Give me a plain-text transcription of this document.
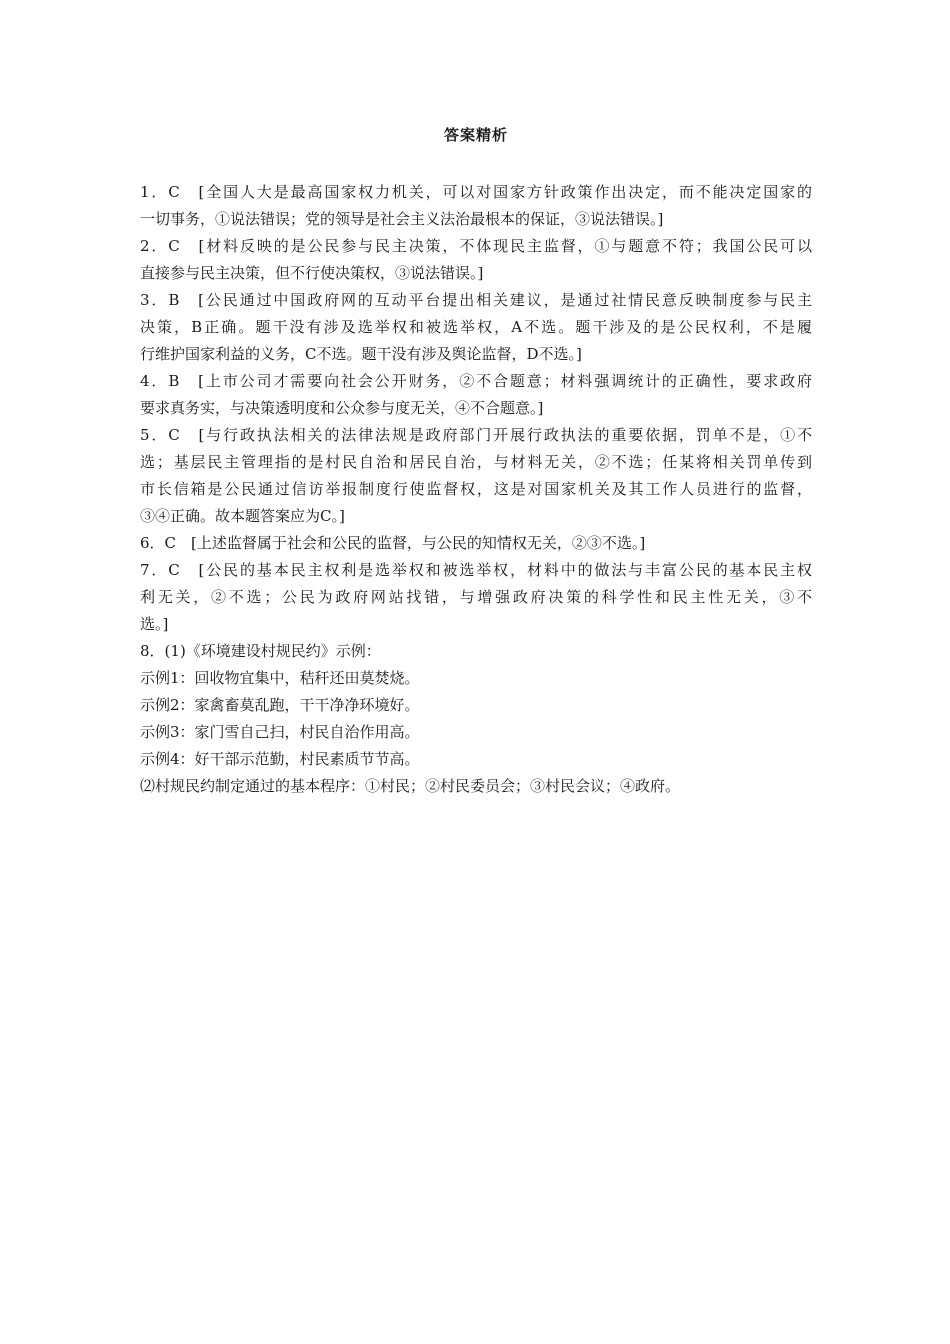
答案精析

1．C　[全国人大是最高国家权力机关，可以对国家方针政策作出决定，而不能决定国家的

一切事务，①说法错误；党的领导是社会主义法治最根本的保证，③说法错误。]

2．C　[材料反映的是公民参与民主决策，不体现民主监督，①与题意不符；我国公民可以

直接参与民主决策，但不行使决策权，③说法错误。]

3．B　[公民通过中国政府网的互动平台提出相关建议，是通过社情民意反映制度参与民主

决策，B正确。题干没有涉及选举权和被选举权，A不选。题干涉及的是公民权利，不是履

行维护国家利益的义务，C不选。题干没有涉及舆论监督，D不选。]

4．B　[上市公司才需要向社会公开财务，②不合题意；材料强调统计的正确性，要求政府

要求真务实，与决策透明度和公众参与度无关，④不合题意。]

5．C　[与行政执法相关的法律法规是政府部门开展行政执法的重要依据，罚单不是，①不

选；基层民主管理指的是村民自治和居民自治，与材料无关，②不选；任某将相关罚单传到

市长信箱是公民通过信访举报制度行使监督权，这是对国家机关及其工作人员进行的监督，

③④正确。故本题答案应为C。]

6．C　[上述监督属于社会和公民的监督，与公民的知情权无关，②③不选。]

7．C　[公民的基本民主权利是选举权和被选举权，材料中的做法与丰富公民的基本民主权

利无关，②不选；公民为政府网站找错，与增强政府决策的科学性和民主性无关，③不

选。]

8．(1)《环境建设村规民约》示例：

示例1：回收物宜集中，秸秆还田莫焚烧。

示例2：家禽畜莫乱跑，干干净净环境好。

示例3：家门雪自己扫，村民自治作用高。

示例4：好干部示范勤，村民素质节节高。

⑵村规民约制定通过的基本程序：①村民；②村民委员会；③村民会议；④政府。
